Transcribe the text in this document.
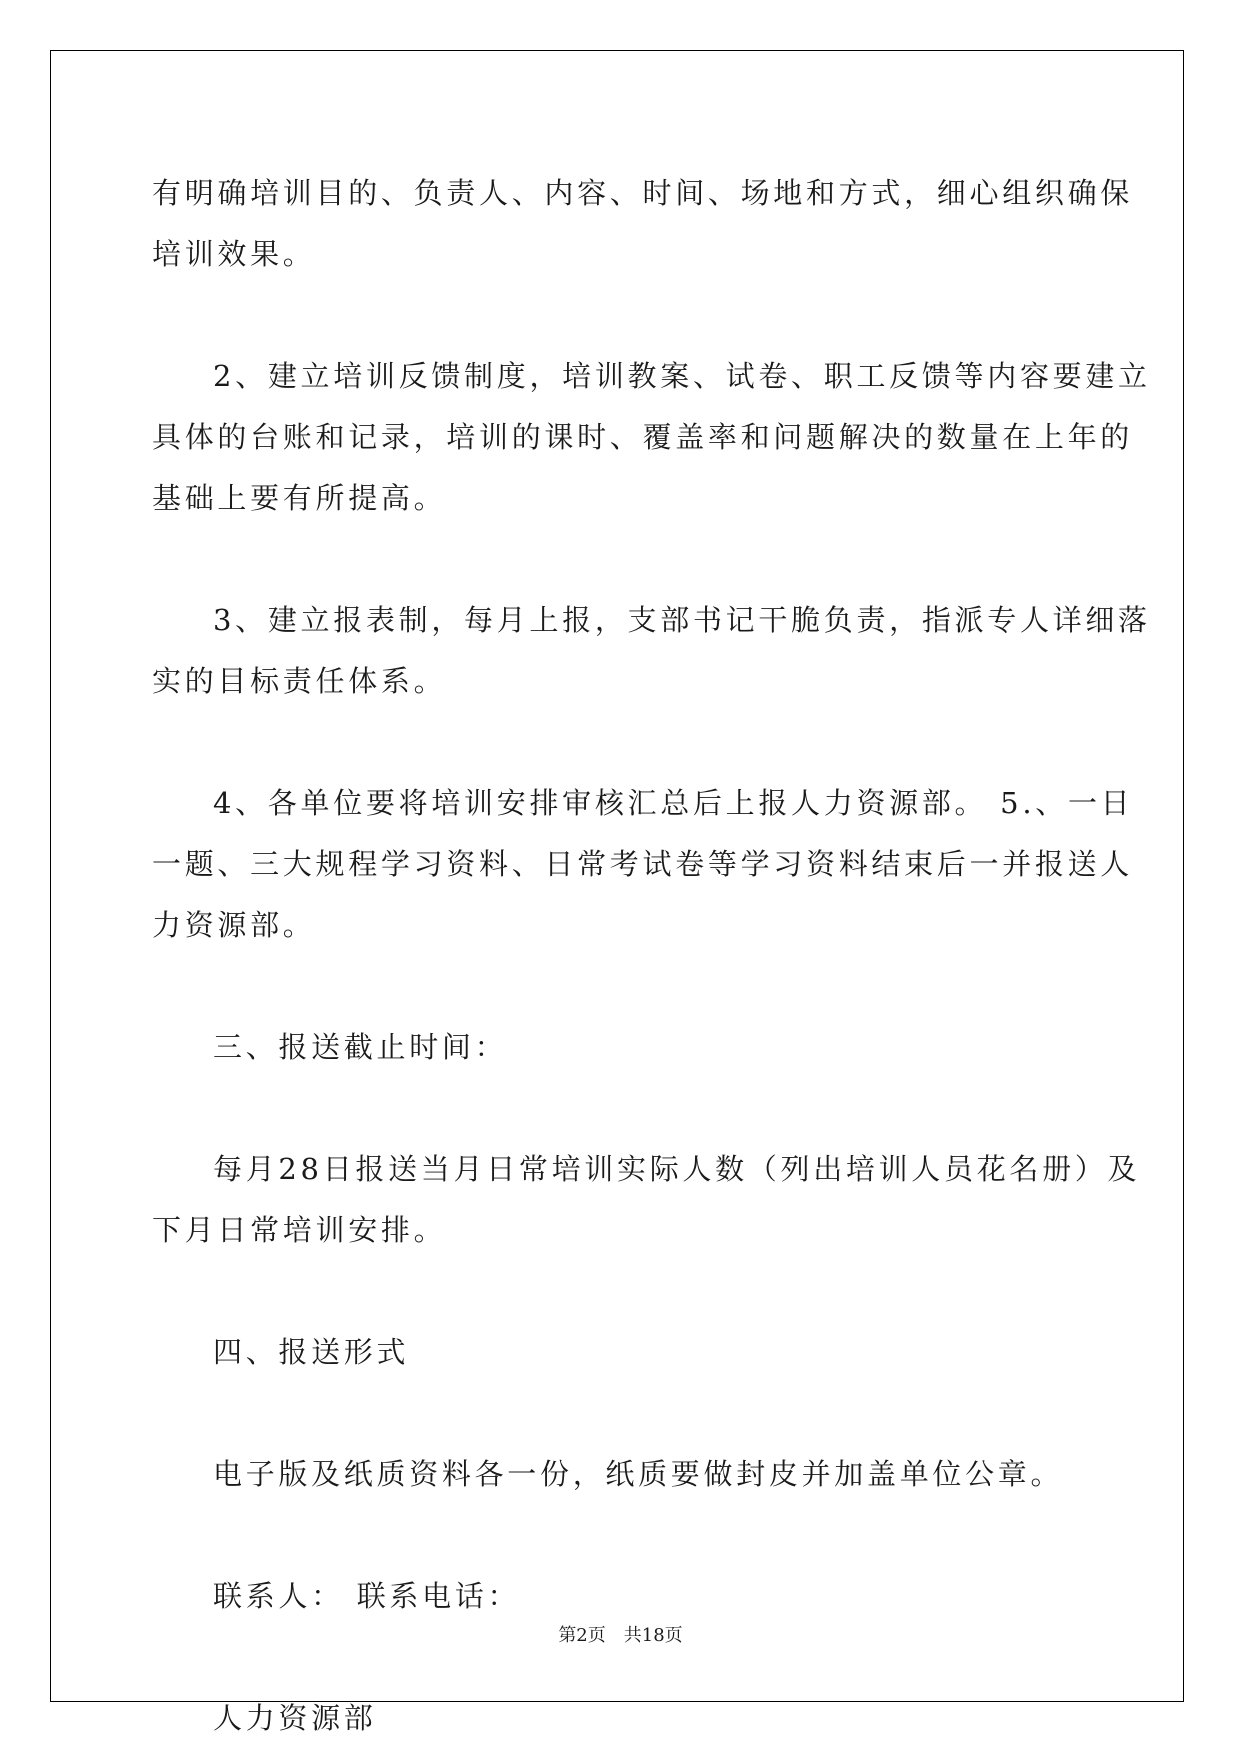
有明确培训目的、负责人、内容、时间、场地和方式，细心组织确保
培训效果。
2、建立培训反馈制度，培训教案、试卷、职工反馈等内容要建立
具体的台账和记录，培训的课时、覆盖率和问题解决的数量在上年的
基础上要有所提高。
3、建立报表制，每月上报，支部书记干脆负责，指派专人详细落
实的目标责任体系。
4、各单位要将培训安排审核汇总后上报人力资源部。 5.、一日
一题、三大规程学习资料、日常考试卷等学习资料结束后一并报送人
力资源部。
三、报送截止时间：
每月28日报送当月日常培训实际人数（列出培训人员花名册）及
下月日常培训安排。
四、报送形式
电子版及纸质资料各一份，纸质要做封皮并加盖单位公章。
联系人： 联系电话：
人力资源部
第2页 共18页
